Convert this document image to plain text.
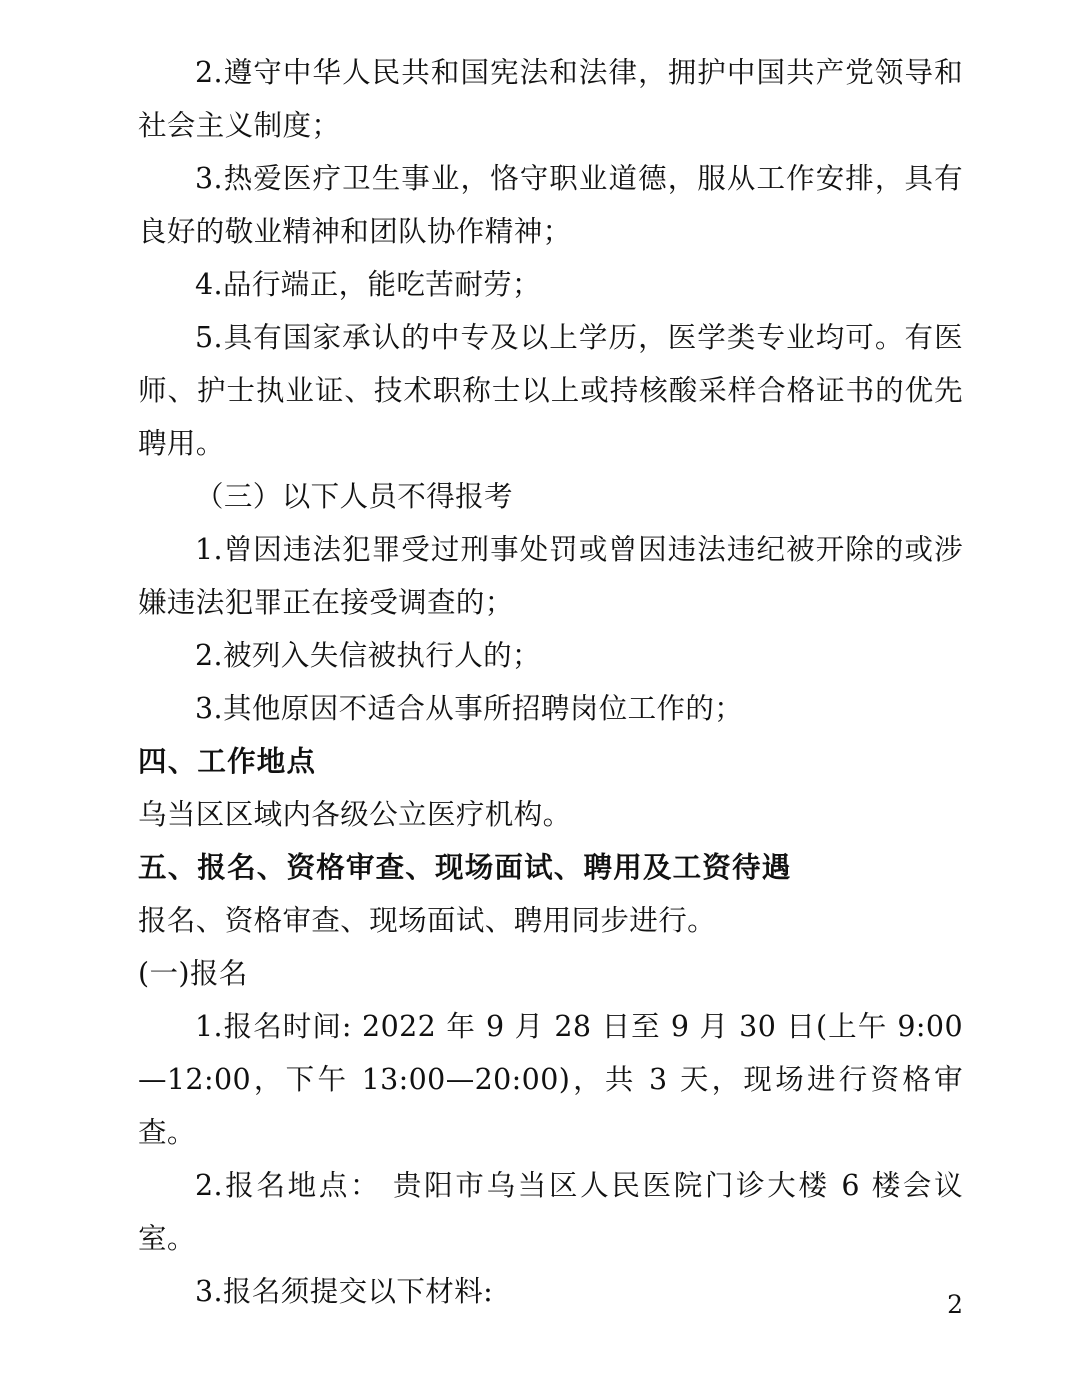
2.遵守中华人民共和国宪法和法律，拥护中国共产党领导和社会主义制度；

3.热爱医疗卫生事业，恪守职业道德，服从工作安排，具有良好的敬业精神和团队协作精神；

4.品行端正，能吃苦耐劳；

5.具有国家承认的中专及以上学历，医学类专业均可。有医师、护士执业证、技术职称士以上或持核酸采样合格证书的优先聘用。

（三）以下人员不得报考

1.曾因违法犯罪受过刑事处罚或曾因违法违纪被开除的或涉嫌违法犯罪正在接受调查的；

2.被列入失信被执行人的；

3.其他原因不适合从事所招聘岗位工作的；

四、工作地点

乌当区区域内各级公立医疗机构。

五、报名、资格审查、现场面试、聘用及工资待遇

报名、资格审查、现场面试、聘用同步进行。

(一)报名

1.报名时间: 2022 年 9 月 28 日至 9 月 30 日(上午 9:00—12:00，下午 13:00—20:00)，共 3 天，现场进行资格审查。

2.报名地点： 贵阳市乌当区人民医院门诊大楼 6 楼会议室。

3.报名须提交以下材料:	2
